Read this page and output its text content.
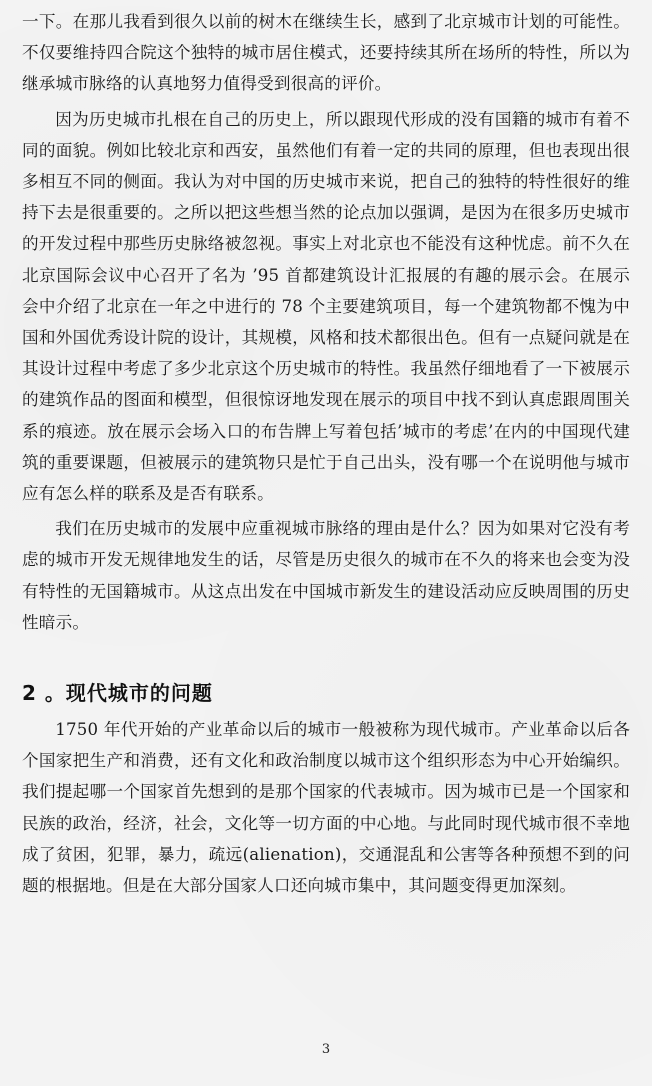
一下。在那儿我看到很久以前的树木在继续生长，感到了北京城市计划的可能性。不仅要维持四合院这个独特的城市居住模式，还要持续其所在场所的特性，所以为继承城市脉络的认真地努力值得受到很高的评价。

因为历史城市扎根在自己的历史上，所以跟现代形成的没有国籍的城市有着不同的面貌。例如比较北京和西安，虽然他们有着一定的共同的原理，但也表现出很多相互不同的侧面。我认为对中国的历史城市来说，把自己的独特的特性很好的维持下去是很重要的。之所以把这些想当然的论点加以强调，是因为在很多历史城市的开发过程中那些历史脉络被忽视。事实上对北京也不能没有这种忧虑。前不久在北京国际会议中心召开了名为 ’95 首都建筑设计汇报展的有趣的展示会。在展示会中介绍了北京在一年之中进行的 78 个主要建筑项目，每一个建筑物都不愧为中国和外国优秀设计院的设计，其规模，风格和技术都很出色。但有一点疑问就是在其设计过程中考虑了多少北京这个历史城市的特性。我虽然仔细地看了一下被展示的建筑作品的图面和模型，但很惊讶地发现在展示的项目中找不到认真虑跟周围关系的痕迹。放在展示会场入口的布告牌上写着包括’城市的考虑’在内的中国现代建筑的重要课题，但被展示的建筑物只是忙于自己出头，没有哪一个在说明他与城市应有怎么样的联系及是否有联系。

我们在历史城市的发展中应重视城市脉络的理由是什么？因为如果对它没有考虑的城市开发无规律地发生的话，尽管是历史很久的城市在不久的将来也会变为没有特性的无国籍城市。从这点出发在中国城市新发生的建设活动应反映周围的历史性暗示。

2 。现代城市的问题

1750 年代开始的产业革命以后的城市一般被称为现代城市。产业革命以后各个国家把生产和消费，还有文化和政治制度以城市这个组织形态为中心开始编织。我们提起哪一个国家首先想到的是那个国家的代表城市。因为城市已是一个国家和民族的政治，经济，社会，文化等一切方面的中心地。与此同时现代城市很不幸地成了贫困，犯罪，暴力，疏远(alienation)，交通混乱和公害等各种预想不到的问题的根据地。但是在大部分国家人口还向城市集中，其问题变得更加深刻。

3
